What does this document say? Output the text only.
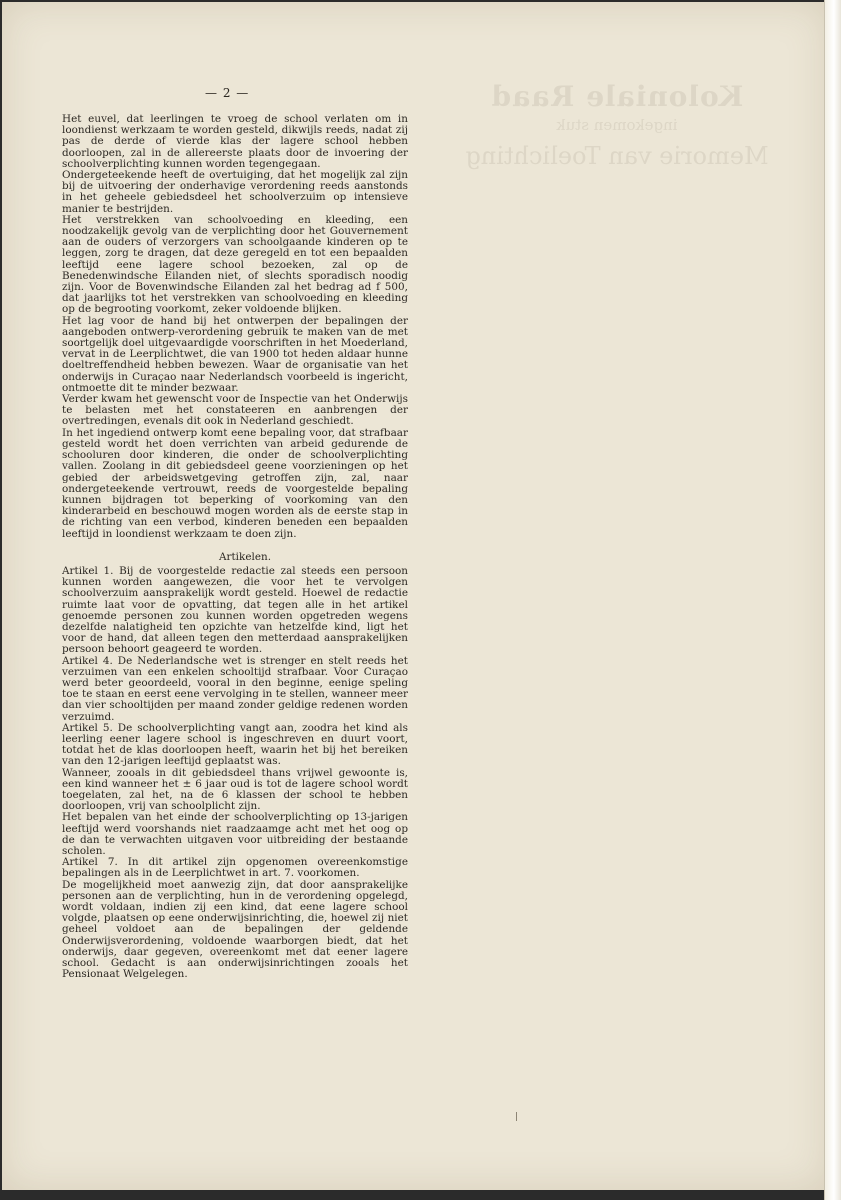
Koloniale Raad
ingekomen stuk
Memorie van Toelichting
— 2 —

Het euvel, dat leerlingen te vroeg de school verlaten om in loondienst werkzaam te worden gesteld, dikwijls reeds, nadat zij pas de derde of vierde klas der lagere school hebben doorloopen, zal in de allereerste plaats door de invoering der schoolverplichting kunnen worden tegengegaan.

Ondergeteekende heeft de overtuiging, dat het mogelijk zal zijn bij de uitvoering der onderhavige verordening reeds aanstonds in het geheele gebiedsdeel het schoolverzuim op intensieve manier te bestrijden.

Het verstrekken van schoolvoeding en kleeding, een noodzakelijk gevolg van de verplichting door het Gouvernement aan de ouders of verzorgers van schoolgaande kinderen op te leggen, zorg te dragen, dat deze geregeld en tot een bepaalden leeftijd eene lagere school bezoeken, zal op de Benedenwindsche Eilanden niet, of slechts sporadisch noodig zijn. Voor de Bovenwindsche Eilanden zal het bedrag ad f 500, dat jaarlijks tot het verstrekken van schoolvoeding en kleeding op de begrooting voorkomt, zeker voldoende blijken.

Het lag voor de hand bij het ontwerpen der bepalingen der aangeboden ontwerp-verordening gebruik te maken van de met soortgelijk doel uitgevaardigde voorschriften in het Moederland, vervat in de Leerplichtwet, die van 1900 tot heden aldaar hunne doeltreffendheid hebben bewezen. Waar de organisatie van het onderwijs in Curaçao naar Nederlandsch voorbeeld is ingericht, ontmoette dit te minder bezwaar.

Verder kwam het gewenscht voor de Inspectie van het Onderwijs te belasten met het constateeren en aanbrengen der overtredingen, evenals dit ook in Nederland geschiedt.

In het ingediend ontwerp komt eene bepaling voor, dat strafbaar gesteld wordt het doen verrichten van arbeid gedurende de schooluren door kinderen, die onder de schoolverplichting vallen. Zoolang in dit gebiedsdeel geene voorzieningen op het gebied der arbeidswetgeving getroffen zijn, zal, naar ondergeteekende vertrouwt, reeds de voorgestelde bepaling kunnen bijdragen tot beperking of voorkoming van den kinderarbeid en beschouwd mogen worden als de eerste stap in de richting van een verbod, kinderen beneden een bepaalden leeftijd in loondienst werkzaam te doen zijn.

Artikelen.

Artikel 1. Bij de voorgestelde redactie zal steeds een persoon kunnen worden aangewezen, die voor het te vervolgen schoolverzuim aansprakelijk wordt gesteld. Hoewel de redactie ruimte laat voor de opvatting, dat tegen alle in het artikel genoemde personen zou kunnen worden opgetreden wegens dezelfde nalatigheid ten opzichte van hetzelfde kind, ligt het voor de hand, dat alleen tegen den metterdaad aansprakelijken persoon behoort geageerd te worden.

Artikel 4. De Nederlandsche wet is strenger en stelt reeds het verzuimen van een enkelen schooltijd strafbaar. Voor Curaçao werd beter geoordeeld, vooral in den beginne, eenige speling toe te staan en eerst eene vervolging in te stellen, wanneer meer dan vier schooltijden per maand zonder geldige redenen worden verzuimd.

Artikel 5. De schoolverplichting vangt aan, zoodra het kind als leerling eener lagere school is ingeschreven en duurt voort, totdat het de klas doorloopen heeft, waarin het bij het bereiken van den 12-jarigen leeftijd geplaatst was.

Wanneer, zooals in dit gebiedsdeel thans vrijwel gewoonte is, een kind wanneer het ± 6 jaar oud is tot de lagere school wordt toegelaten, zal het, na de 6 klassen der school te hebben doorloopen, vrij van schoolplicht zijn.

Het bepalen van het einde der schoolverplichting op 13-jarigen leeftijd werd voorshands niet raadzaamge acht met het oog op de dan te verwachten uitgaven voor uitbreiding der bestaande scholen.

Artikel 7. In dit artikel zijn opgenomen overeenkomstige bepalingen als in de Leerplichtwet in art. 7. voorkomen.

De mogelijkheid moet aanwezig zijn, dat door aansprakelijke personen aan de verplichting, hun in de verordening opgelegd, wordt voldaan, indien zij een kind, dat eene lagere school volgde, plaatsen op eene onderwijsinrichting, die, hoewel zij niet geheel voldoet aan de bepalingen der geldende Onderwijsverordening, voldoende waarborgen biedt, dat het onderwijs, daar gegeven, overeenkomt met dat eener lagere school. Gedacht is aan onderwijsinrichtingen zooals het Pensionaat Welgelegen.
